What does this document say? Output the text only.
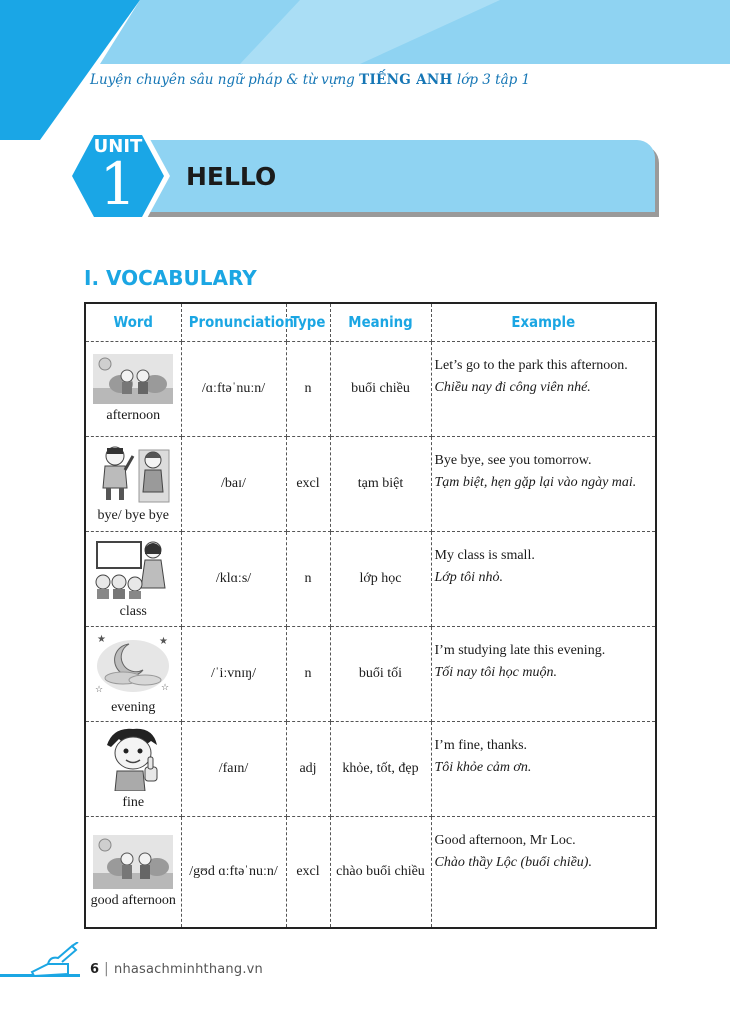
Luyện chuyên sâu ngữ pháp & từ vựng TIẾNG ANH lớp 3 tập 1
UNIT
1	HELLO
I. VOCABULARY
Word	Pronunciation	Type	Meaning	Example

afternoon	/ɑːftəˈnuːn/	n	buổi chiều	Let’s go to the park this afternoon.
Chiều nay đi công viên nhé.

bye/ bye bye	/baɪ/	excl	tạm biệt	Bye bye, see you tomorrow.
Tạm biệt, hẹn gặp lại vào ngày mai.

class	/klɑːs/	n	lớp học	My class is small.
Lớp tôi nhỏ.

★ ★
☆ ☆
evening	/ˈiːvnɪŋ/	n	buổi tối	I’m studying late this evening.
Tối nay tôi học muộn.

fine	/faɪn/	adj	khỏe, tốt, đẹp	I’m fine, thanks.
Tôi khỏe cảm ơn.

good afternoon	/gʊd ɑːftəˈnuːn/	excl	chào buổi chiều	Good afternoon, Mr Loc.
Chào thầy Lộc (buổi chiều).
6 | nhasachminhthang.vn
